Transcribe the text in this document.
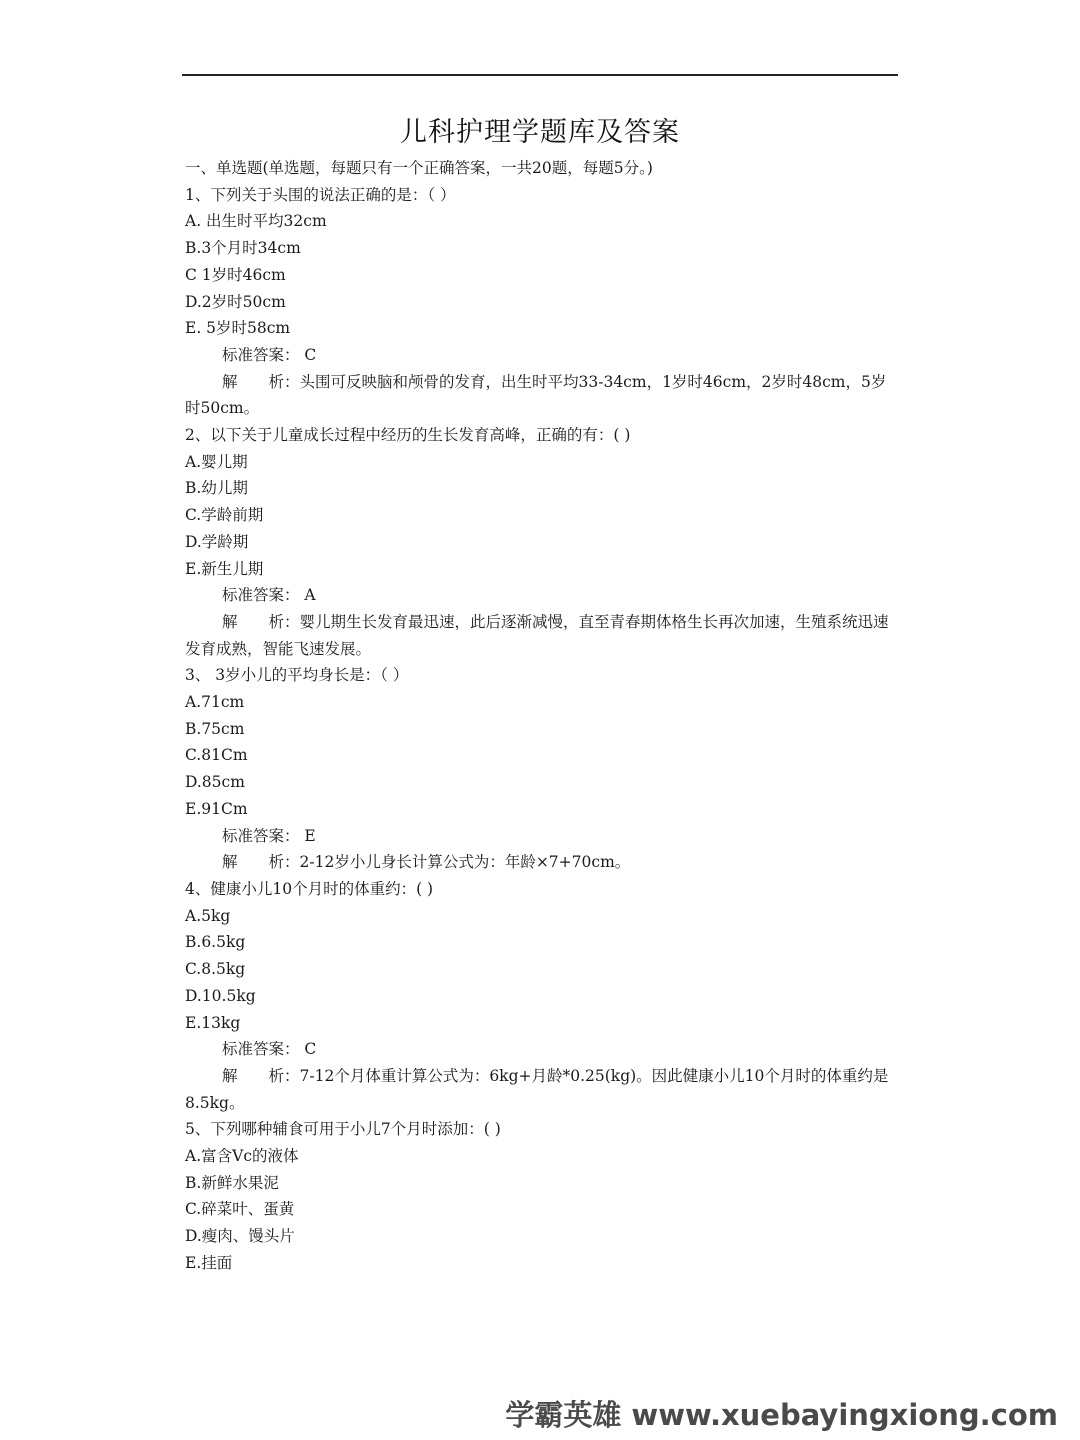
儿科护理学题库及答案
一、单选题(单选题，每题只有一个正确答案，一共20题，每题5分。)
1、下列关于头围的说法正确的是：（ ）
A. 出生时平均32cm
B.3个月时34cm
C 1岁时46cm
D.2岁时50cm
E. 5岁时58cm
标准答案： C
解　　析：头围可反映脑和颅骨的发育，出生时平均33-34cm，1岁时46cm，2岁时48cm，5岁时50cm。
2、以下关于儿童成长过程中经历的生长发育高峰，正确的有：( )
A.婴儿期
B.幼儿期
C.学龄前期
D.学龄期
E.新生儿期
标准答案： A
解　　析：婴儿期生长发育最迅速，此后逐渐减慢，直至青春期体格生长再次加速，生殖系统迅速发育成熟，智能飞速发展。
3、 3岁小儿的平均身长是：（ ）
A.71cm
B.75cm
C.81Cm
D.85cm
E.91Cm
标准答案： E
解　　析：2-12岁小儿身长计算公式为：年龄×7+70cm。
4、健康小儿10个月时的体重约：( )
A.5kg
B.6.5kg
C.8.5kg
D.10.5kg
E.13kg
标准答案： C
解　　析：7-12个月体重计算公式为：6kg+月龄*0.25(kg)。因此健康小儿10个月时的体重约是8.5kg。
5、下列哪种辅食可用于小儿7个月时添加：( )
A.富含Vc的液体
B.新鲜水果泥
C.碎菜叶、蛋黄
D.瘦肉、馒头片
E.挂面
学霸英雄 www.xuebayingxiong.com
